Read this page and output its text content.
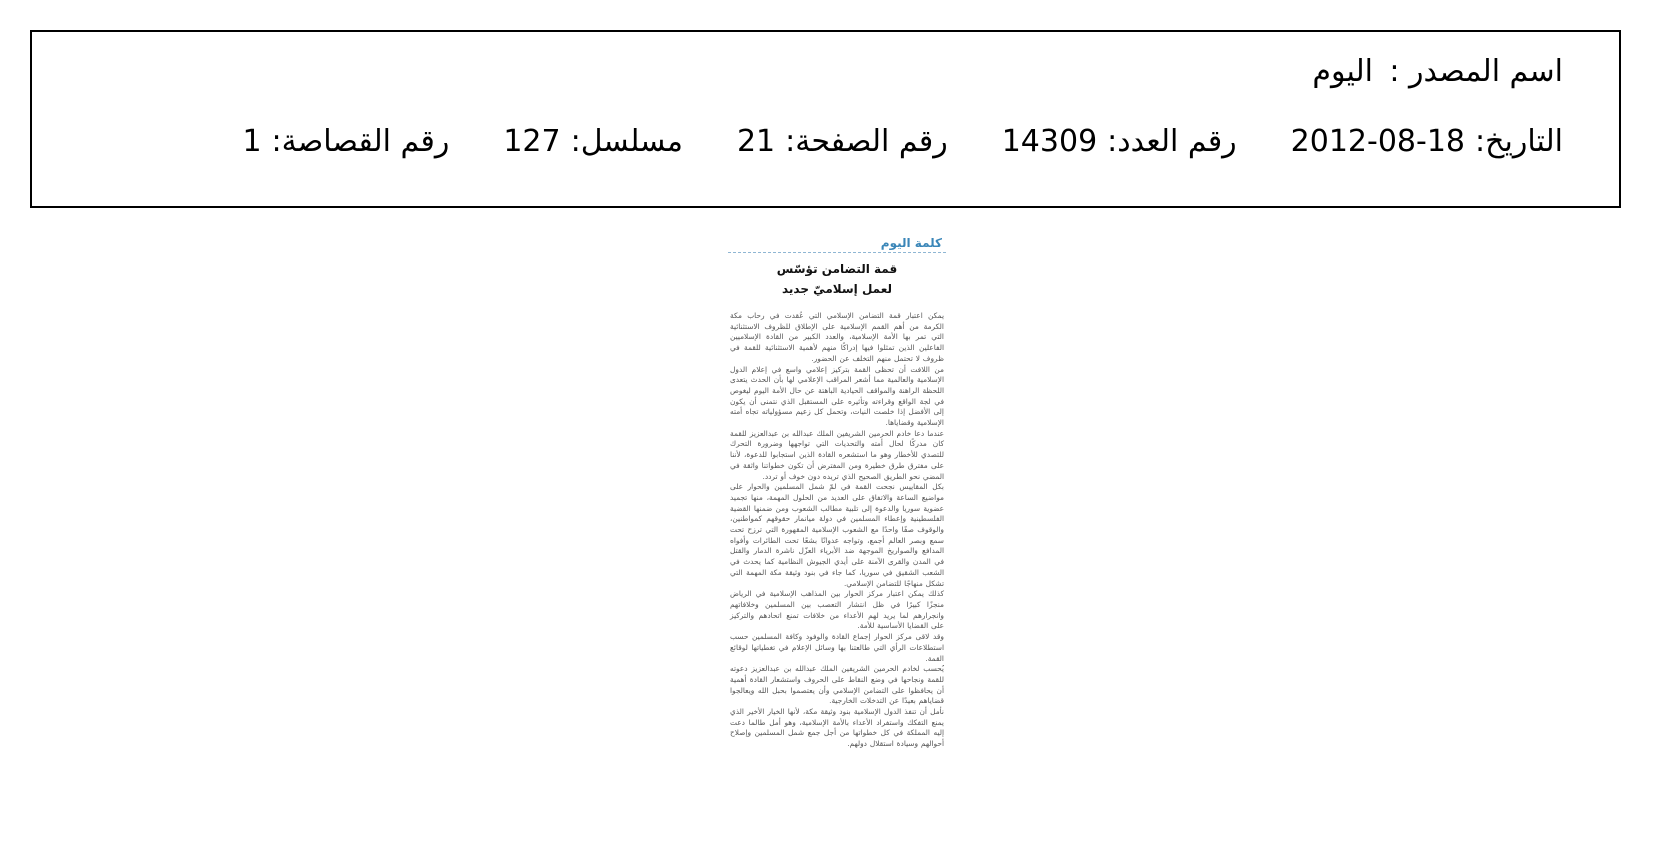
اسم المصدر :
اليوم
التاريخ:
2012-08-18
رقم العدد:
14309
رقم الصفحة:
21
مسلسل:
127
رقم القصاصة:
1
كلمة اليوم
قمة التضامن تؤسّس
لعمل إسلاميّ جديد

يمكن اعتبار قمة التضامن الإسلامي التي عُقدت في رحاب مكة الكرمة من أهم القمم الإسلامية على الإطلاق للظروف الاستثنائية التي تمر بها الأمة الإسلامية، والعدد الكبير من القادة الإسلاميين الفاعلين الذين تمثلوا فيها إدراكًا منهم لأهمية الاستثنائية للقمة في ظروف لا تحتمل منهم التخلف عن الحضور.

من اللافت أن تحظى القمة بتركيز إعلامي واسع في إعلام الدول الإسلامية والعالمية مما أشعر المراقب الإعلامي لها بأن الحدث يتعدى اللحظة الراهنة والمواقف الحيادية الباهتة عن حال الأمة اليوم ليغوص في لجة الواقع وقراءته وتأثيره على المستقبل الذي نتمنى أن يكون إلى الأفضل إذا خلصت النيات، وتحمل كل زعيم مسؤولياته تجاه أمته الإسلامية وقضاياها.

عندما دعا خادم الحرمين الشريفين الملك عبدالله بن عبدالعزيز للقمة كان مدركًا لحال أمته والتحديات التي تواجهها وضرورة التحرك للتصدي للأخطار وهو ما استشعره القادة الذين استجابوا للدعوة، لأننا على مفترق طرق خطيرة ومن المفترض أن تكون خطواتنا واثقة في المضي نحو الطريق الصحيح الذي تريده دون خوف أو تردد.

بكل المقاييس نجحت القمة في لمّ شمل المسلمين والحوار على مواضيع الساعة والاتفاق على العديد من الحلول المهمة، منها تجميد عضوية سوريا والدعوة إلى تلبية مطالب الشعوب ومن ضمنها القضية الفلسطينية وإعطاء المسلمين في دولة ميانمار حقوقهم كمواطنين، والوقوف صفًا واحدًا مع الشعوب الإسلامية المقهورة التي ترزح تحت سمع وبصر العالم أجمع، وتواجه عدوانًا بشعًا تحت الطائرات وأفواه المدافع والصواريخ الموجهة ضد الأبرياء العزّل ناشرة الدمار والقتل في المدن والقرى الآمنة على أيدي الجيوش النظامية كما يحدث في الشعب الشقيق في سوريا، كما جاء في بنود وثيقة مكة المهمة التي تشكل منهاجًا للتضامن الإسلامي.

كذلك يمكن اعتبار مركز الحوار بين المذاهب الإسلامية في الرياض منجزًا كبيرًا في ظل انتشار التعصب بين المسلمين وخلافاتهم وانجرارهم لما يريد لهم الأعداء من خلافات تمنع اتحادهم والتركيز على القضايا الأساسية للأمة.

وقد لاقى مركز الحوار إجماع القادة والوفود وكافة المسلمين حسب استطلاعات الرأي التي طالعتنا بها وسائل الإعلام في تغطياتها لوقائع القمة.

يُحسب لخادم الحرمين الشريفين الملك عبدالله بن عبدالعزيز دعوته للقمة ونجاحها في وضع النقاط على الحروف واستشعار القادة أهمية أن يحافظوا على التضامن الإسلامي وأن يعتصموا بحبل الله ويعالجوا قضاياهم بعيدًا عن التدخلات الخارجية.

نأمل أن تنفذ الدول الإسلامية بنود وثيقة مكة، لأنها الخيار الأخير الذي يمنع التفكك واستفراد الأعداء بالأمة الإسلامية، وهو أمل طالما دعت إليه المملكة في كل خطواتها من أجل جمع شمل المسلمين وإصلاح أحوالهم وسيادة استقلال دولهم.
